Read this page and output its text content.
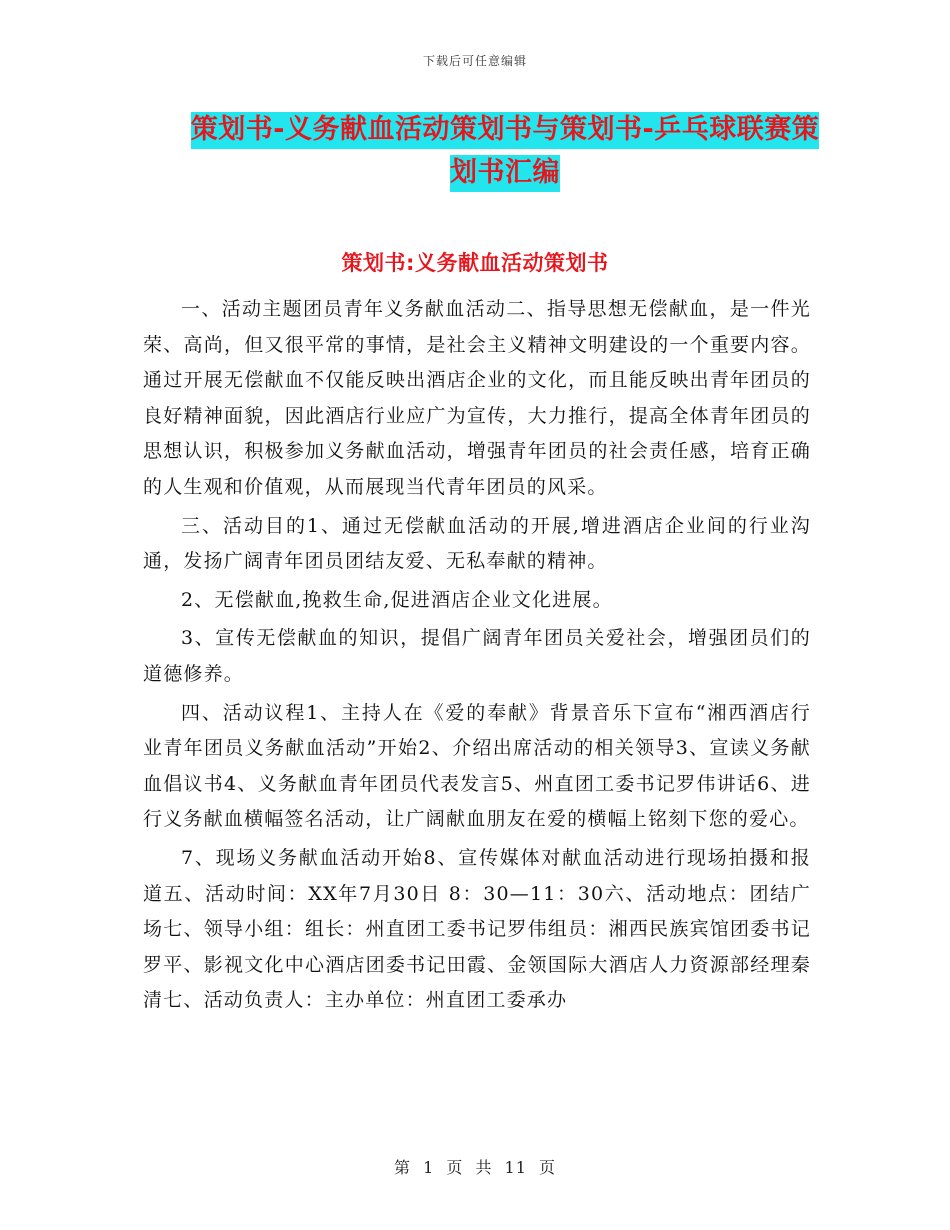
下载后可任意编辑
策划书-义务献血活动策划书与策划书-乒乓球联赛策划书汇编
策划书:义务献血活动策划书

一、活动主题团员青年义务献血活动二、指导思想无偿献血，是一件光荣、高尚，但又很平常的事情，是社会主义精神文明建设的一个重要内容。通过开展无偿献血不仅能反映出酒店企业的文化，而且能反映出青年团员的良好精神面貌，因此酒店行业应广为宣传，大力推行，提高全体青年团员的思想认识，积极参加义务献血活动，增强青年团员的社会责任感，培育正确的人生观和价值观，从而展现当代青年团员的风采。

三、活动目的1、通过无偿献血活动的开展,增进酒店企业间的行业沟通，发扬广阔青年团员团结友爱、无私奉献的精神。

2、无偿献血,挽救生命,促进酒店企业文化进展。

3、宣传无偿献血的知识，提倡广阔青年团员关爱社会，增强团员们的道德修养。

四、活动议程1、主持人在《爱的奉献》背景音乐下宣布“湘西酒店行业青年团员义务献血活动”开始2、介绍出席活动的相关领导3、宣读义务献血倡议书4、义务献血青年团员代表发言5、州直团工委书记罗伟讲话6、进行义务献血横幅签名活动，让广阔献血朋友在爱的横幅上铭刻下您的爱心。

7、现场义务献血活动开始8、宣传媒体对献血活动进行现场拍摄和报道五、活动时间：XX年7月30日 8：30—11：30六、活动地点：团结广场七、领导小组：组长：州直团工委书记罗伟组员：湘西民族宾馆团委书记罗平、影视文化中心酒店团委书记田霞、金领国际大酒店人力资源部经理秦清七、活动负责人：主办单位：州直团工委承办

第 1 页 共 11 页
